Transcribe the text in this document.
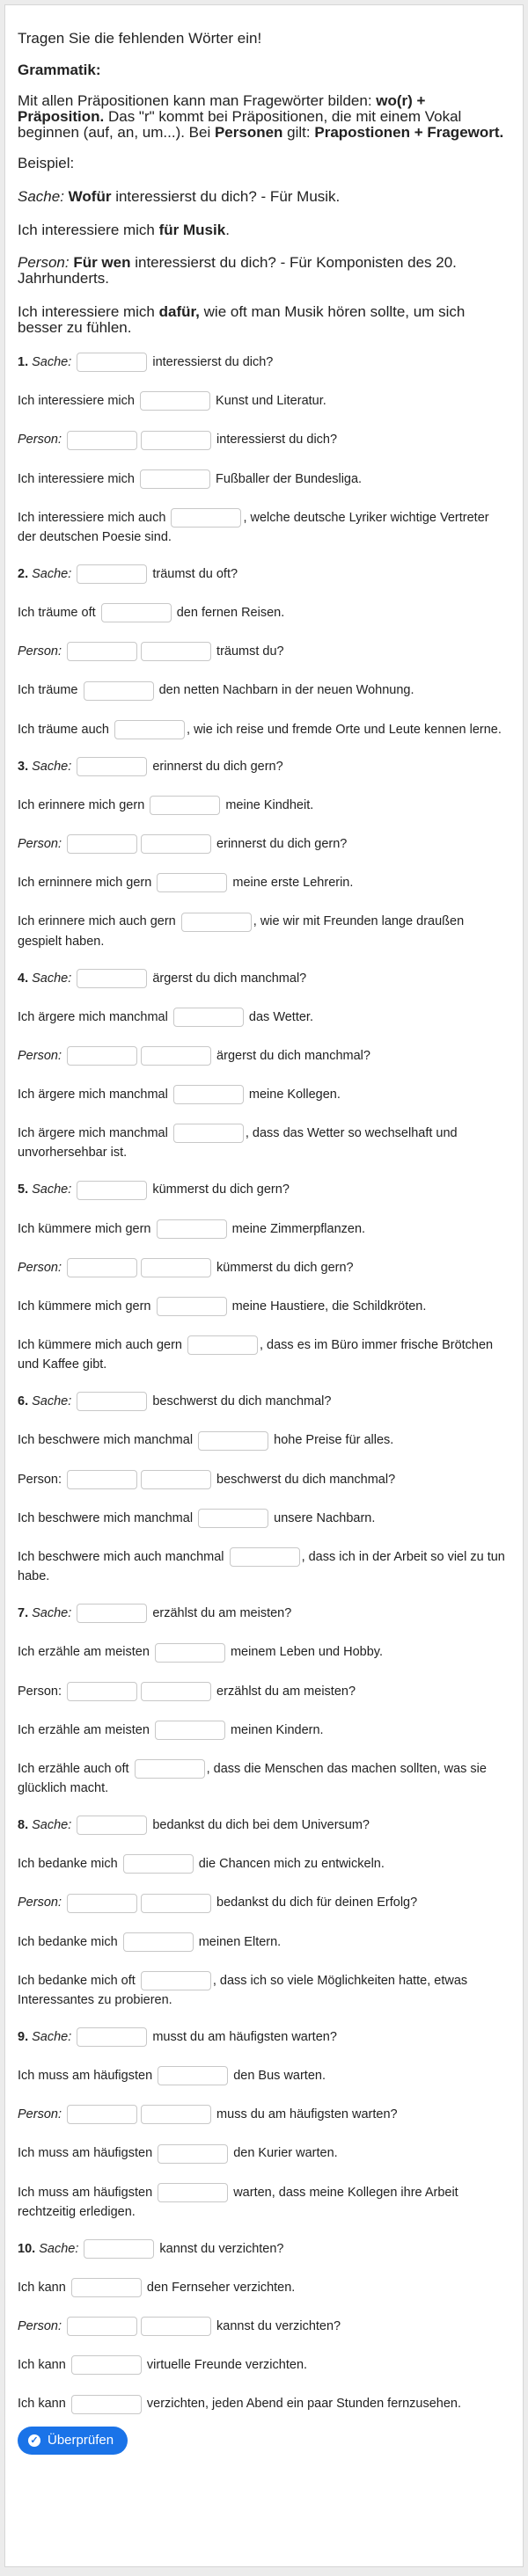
Tragen Sie die fehlenden Wörter ein!

Grammatik:

Mit allen Präpositionen kann man Fragewörter bilden: wo(r) + Präposition. Das "r" kommt bei Präpositionen, die mit einem Vokal beginnen (auf, an, um...). Bei Personen gilt: Prapostionen + Fragewort.

Beispiel:

Sache: Wofür interessierst du dich? - Für Musik.

Ich interessiere mich für Musik.

Person: Für wen interessierst du dich? - Für Komponisten des 20. Jahrhunderts.

Ich interessiere mich dafür, wie oft man Musik hören sollte, um sich besser zu fühlen.

1. Sache:	interessierst du dich?

Ich interessiere mich	Kunst und Literatur.

Person:	interessierst du dich?

Ich interessiere mich	Fußballer der Bundesliga.

Ich interessiere mich auch	, welche deutsche Lyriker wichtige Vertreter der deutschen Poesie sind.

2. Sache:	träumst du oft?

Ich träume oft	den fernen Reisen.

Person:	träumst du?

Ich träume	den netten Nachbarn in der neuen Wohnung.

Ich träume auch	, wie ich reise und fremde Orte und Leute kennen lerne.

3. Sache:	erinnerst du dich gern?

Ich erinnere mich gern	meine Kindheit.

Person:	erinnerst du dich gern?

Ich erninnere mich gern	meine erste Lehrerin.

Ich erinnere mich auch gern	, wie wir mit Freunden lange draußen gespielt haben.

4. Sache:	ärgerst du dich manchmal?

Ich ärgere mich manchmal	das Wetter.

Person:	ärgerst du dich manchmal?

Ich ärgere mich manchmal	meine Kollegen.

Ich ärgere mich manchmal	, dass das Wetter so wechselhaft und unvorhersehbar ist.

5. Sache:	kümmerst du dich gern?

Ich kümmere mich gern	meine Zimmerpflanzen.

Person:	kümmerst du dich gern?

Ich kümmere mich gern	meine Haustiere, die Schildkröten.

Ich kümmere mich auch gern	, dass es im Büro immer frische Brötchen und Kaffee gibt.

6. Sache:	beschwerst du dich manchmal?

Ich beschwere mich manchmal	hohe Preise für alles.

Person:	beschwerst du dich manchmal?

Ich beschwere mich manchmal	unsere Nachbarn.

Ich beschwere mich auch manchmal	, dass ich in der Arbeit so viel zu tun habe.

7. Sache:	erzählst du am meisten?

Ich erzähle am meisten	meinem Leben und Hobby.

Person:	erzählst du am meisten?

Ich erzähle am meisten	meinen Kindern.

Ich erzähle auch oft	, dass die Menschen das machen sollten, was sie glücklich macht.

8. Sache:	bedankst du dich bei dem Universum?

Ich bedanke mich	die Chancen mich zu entwickeln.

Person:	bedankst du dich für deinen Erfolg?

Ich bedanke mich	meinen Eltern.

Ich bedanke mich oft	, dass ich so viele Möglichkeiten hatte, etwas Interessantes zu probieren.

9. Sache:	musst du am häufigsten warten?

Ich muss am häufigsten	den Bus warten.

Person:	muss du am häufigsten warten?

Ich muss am häufigsten	den Kurier warten.

Ich muss am häufigsten	warten, dass meine Kollegen ihre Arbeit rechtzeitig erledigen.

10. Sache:	kannst du verzichten?

Ich kann	den Fernseher verzichten.

Person:	kannst du verzichten?

Ich kann	virtuelle Freunde verzichten.

Ich kann	verzichten, jeden Abend ein paar Stunden fernzusehen.

✓ Überprüfen
